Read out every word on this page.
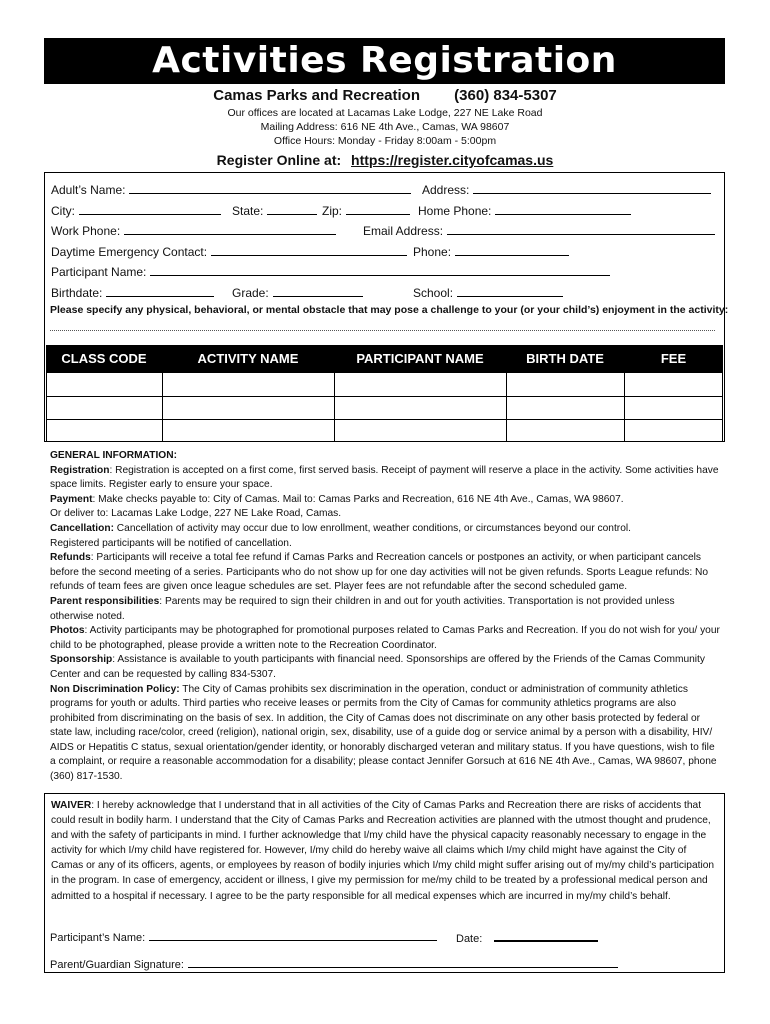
Activities Registration
Camas Parks and Recreation (360) 834-5307
Our offices are located at Lacamas Lake Lodge, 227 NE Lake Road
Mailing Address: 616 NE 4th Ave., Camas, WA 98607
Office Hours: Monday - Friday 8:00am - 5:00pm
Register Online at: https://register.cityofcamas.us
Adult’s Name:	Address:
City:	State:	Zip:	Home Phone:
Work Phone:	Email Address:
Daytime Emergency Contact:	Phone:
Participant Name:
Birthdate:	Grade:	School:
Please specify any physical, behavioral, or mental obstacle that may pose a challenge to your (or your child’s) enjoyment in the activity:
CLASS CODE	ACTIVITY NAME	PARTICIPANT NAME	BIRTH DATE	FEE

GENERAL INFORMATION:

Registration: Registration is accepted on a first come, first served basis. Receipt of payment will reserve a place in the activity. Some activities have space limits. Register early to ensure your space.

Payment: Make checks payable to: City of Camas. Mail to: Camas Parks and Recreation, 616 NE 4th Ave., Camas, WA 98607.

Or deliver to: Lacamas Lake Lodge, 227 NE Lake Road, Camas.

Cancellation: Cancellation of activity may occur due to low enrollment, weather conditions, or circumstances beyond our control.

Registered participants will be notified of cancellation.

Refunds: Participants will receive a total fee refund if Camas Parks and Recreation cancels or postpones an activity, or when participant cancels before the second meeting of a series. Participants who do not show up for one day activities will not be given refunds. Sports League refunds: No refunds of team fees are given once league schedules are set. Player fees are not refundable after the second scheduled game.

Parent responsibilities: Parents may be required to sign their children in and out for youth activities. Transportation is not provided unless otherwise noted.

Photos: Activity participants may be photographed for promotional purposes related to Camas Parks and Recreation. If you do not wish for you/ your child to be photographed, please provide a written note to the Recreation Coordinator.

Sponsorship: Assistance is available to youth participants with financial need. Sponsorships are offered by the Friends of the Camas Community Center and can be requested by calling 834-5307.

Non Discrimination Policy: The City of Camas prohibits sex discrimination in the operation, conduct or administration of community athletics programs for youth or adults. Third parties who receive leases or permits from the City of Camas for community athletics programs are also prohibited from discriminating on the basis of sex. In addition, the City of Camas does not discriminate on any other basis protected by federal or state law, including race/color, creed (religion), national origin, sex, disability, use of a guide dog or service animal by a person with a disability, HIV/ AIDS or Hepatitis C status, sexual orientation/gender identity, or honorably discharged veteran and military status. If you have questions, wish to file a complaint, or require a reasonable accommodation for a disability; please contact Jennifer Gorsuch at 616 NE 4th Ave., Camas, WA 98607, phone (360) 817-1530.

WAIVER: I hereby acknowledge that I understand that in all activities of the City of Camas Parks and Recreation there are risks of accidents that could result in bodily harm. I understand that the City of Camas Parks and Recreation activities are planned with the utmost thought and prudence, and with the safety of participants in mind. I further acknowledge that I/my child have the physical capacity reasonably necessary to engage in the activity for which I/my child have registered for. However, I/my child do hereby waive all claims which I/my child might have against the City of Camas or any of its officers, agents, or employees by reason of bodily injuries which I/my child might suffer arising out of my/my child’s participation in the program. In case of emergency, accident or illness, I give my permission for me/my child to be treated by a professional medical person and admitted to a hospital if necessary. I agree to be the party responsible for all medical expenses which are incurred in my/my child’s behalf.
Participant’s Name:	Date:
Parent/Guardian Signature:
